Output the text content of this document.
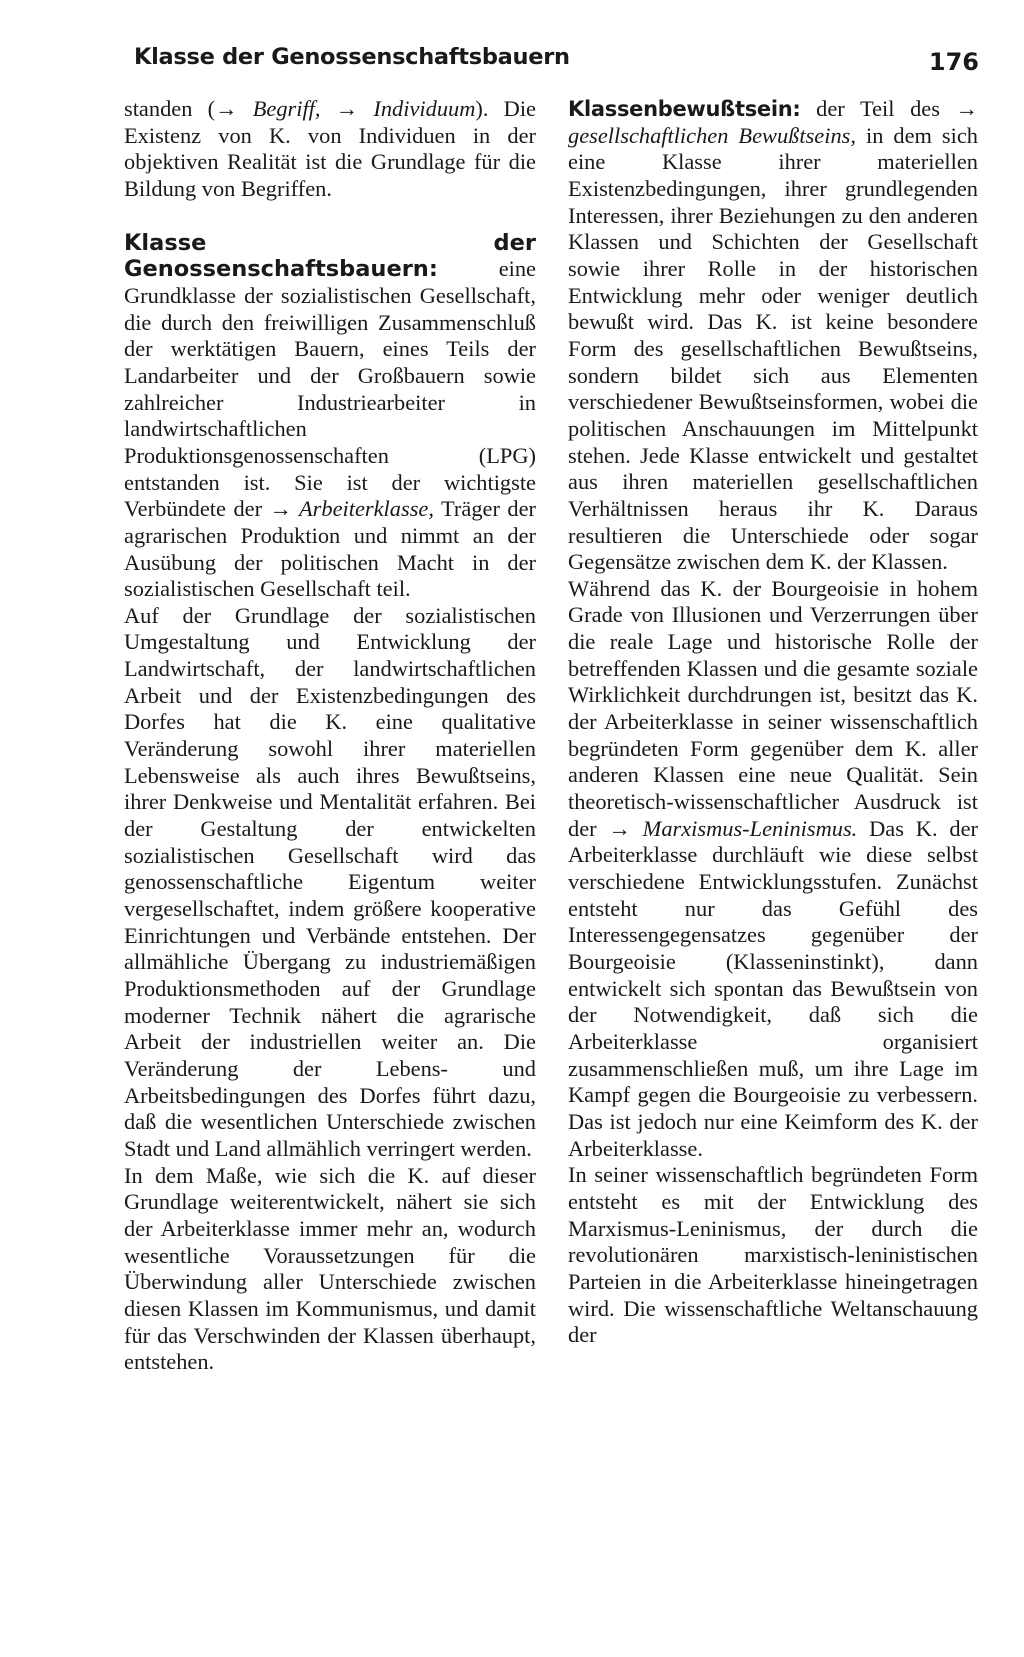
Klasse der Genossenschaftsbauern	176

standen (→ Begriff, → Individuum). Die Existenz von K. von Individuen in der objektiven Realität ist die Grundlage für die Bildung von Begriffen.

Klasse der Genossenschaftsbauern: eine Grundklasse der sozialistischen Gesellschaft, die durch den freiwilligen Zusammenschluß der werktätigen Bauern, eines Teils der Landarbeiter und der Großbauern sowie zahlreicher Industriearbeiter in landwirtschaftlichen Produktionsgenossenschaften (LPG) entstanden ist. Sie ist der wichtigste Verbündete der → Arbeiterklasse, Träger der agrarischen Produktion und nimmt an der Ausübung der politischen Macht in der sozialistischen Gesellschaft teil.

Auf der Grundlage der sozialistischen Umgestaltung und Entwicklung der Landwirtschaft, der landwirtschaftlichen Arbeit und der Existenzbedingungen des Dorfes hat die K. eine qualitative Veränderung sowohl ihrer materiellen Lebensweise als auch ihres Bewußtseins, ihrer Denkweise und Mentalität erfahren. Bei der Gestaltung der entwickelten sozialistischen Gesellschaft wird das genossenschaftliche Eigentum weiter vergesellschaftet, indem größere kooperative Einrichtungen und Verbände entstehen. Der allmähliche Übergang zu industriemäßigen Produktionsmethoden auf der Grundlage moderner Technik nähert die agrarische Arbeit der industriellen weiter an. Die Veränderung der Lebens- und Arbeitsbedingungen des Dorfes führt dazu, daß die wesentlichen Unterschiede zwischen Stadt und Land allmählich verringert werden.

In dem Maße, wie sich die K. auf dieser Grundlage weiterentwickelt, nähert sie sich der Arbeiterklasse immer mehr an, wodurch wesentliche Voraussetzungen für die Überwindung aller Unterschiede zwischen diesen Klassen im Kommunismus, und damit für das Verschwinden der Klassen überhaupt, entstehen.

Klassenbewußtsein: der Teil des → gesellschaftlichen Bewußtseins, in dem sich eine Klasse ihrer materiellen Existenzbedingungen, ihrer grundlegenden Interessen, ihrer Beziehungen zu den anderen Klassen und Schichten der Gesellschaft sowie ihrer Rolle in der historischen Entwicklung mehr oder weniger deutlich bewußt wird. Das K. ist keine besondere Form des gesellschaftlichen Bewußtseins, sondern bildet sich aus Elementen verschiedener Bewußtseinsformen, wobei die politischen Anschauungen im Mittelpunkt stehen. Jede Klasse entwickelt und gestaltet aus ihren materiellen gesellschaftlichen Verhältnissen heraus ihr K. Daraus resultieren die Unterschiede oder sogar Gegensätze zwischen dem K. der Klassen.

Während das K. der Bourgeoisie in hohem Grade von Illusionen und Verzerrungen über die reale Lage und historische Rolle der betreffenden Klassen und die gesamte soziale Wirklichkeit durchdrungen ist, besitzt das K. der Arbeiterklasse in seiner wissenschaftlich begründeten Form gegenüber dem K. aller anderen Klassen eine neue Qualität. Sein theoretisch-wissenschaftlicher Ausdruck ist der → Marxismus-Leninismus. Das K. der Arbeiterklasse durchläuft wie diese selbst verschiedene Entwicklungsstufen. Zunächst entsteht nur das Gefühl des Interessengegensatzes gegenüber der Bourgeoisie (Klasseninstinkt), dann entwickelt sich spontan das Bewußtsein von der Notwendigkeit, daß sich die Arbeiterklasse organisiert zusammenschließen muß, um ihre Lage im Kampf gegen die Bourgeoisie zu verbessern. Das ist jedoch nur eine Keimform des K. der Arbeiterklasse.

In seiner wissenschaftlich begründeten Form entsteht es mit der Entwicklung des Marxismus-Leninismus, der durch die revolutionären marxistisch-leninistischen Parteien in die Arbeiterklasse hineingetragen wird. Die wissenschaftliche Weltanschauung der
